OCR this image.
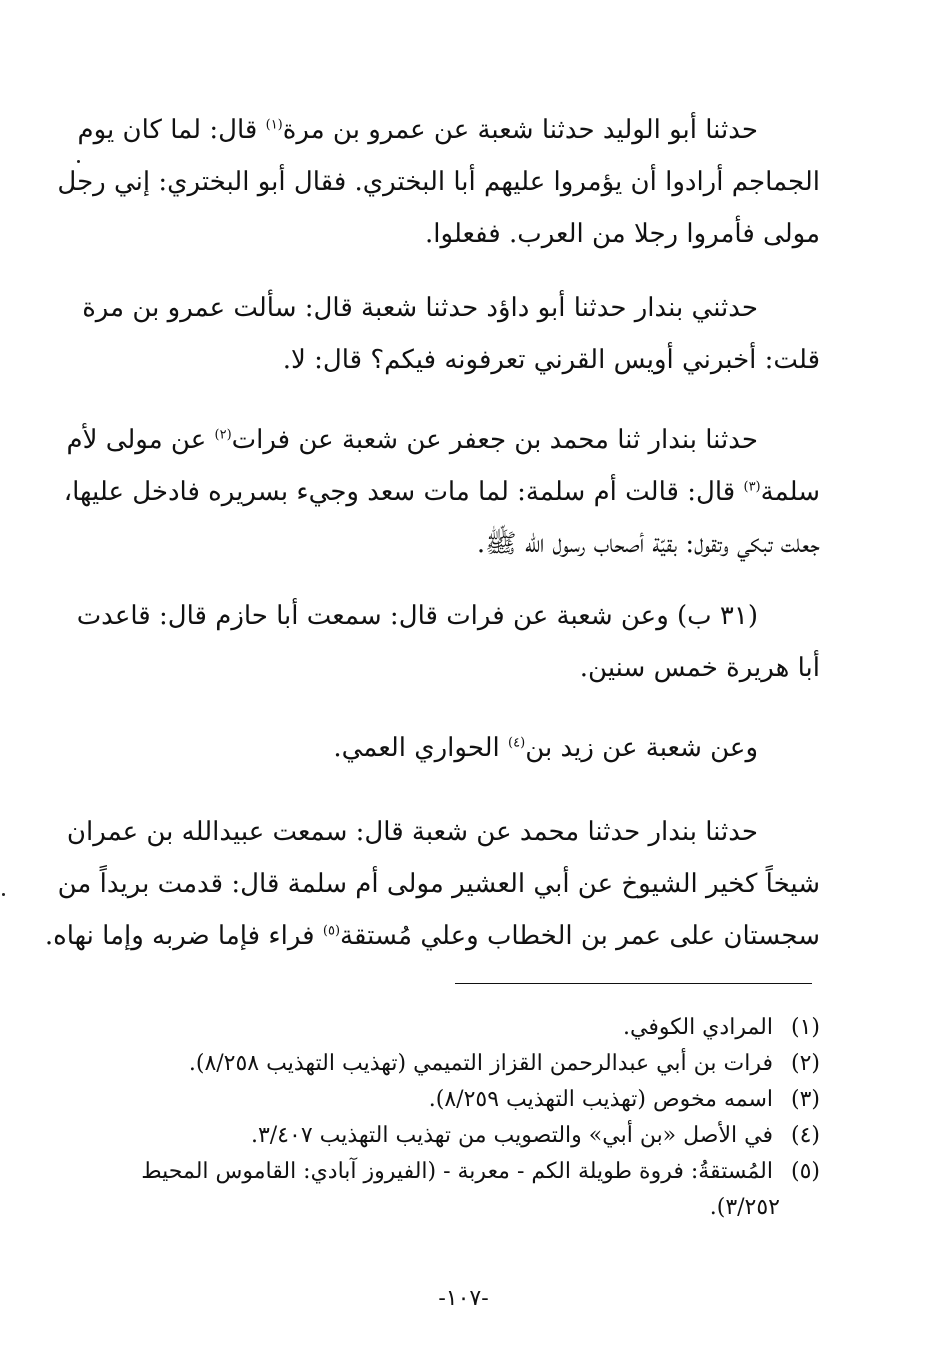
حدثنا أبو الوليد حدثنا شعبة عن عمرو بن مرة$^{(١)}$ قال: لما كان يوم
الجماجم أرادوا أن يؤمروا عليهم أبا البختري. فقال أبو البختري: إني رجل
مولى فأمروا رجلا من العرب. ففعلوا.

حدثني بندار حدثنا أبو داؤد حدثنا شعبة قال: سألت عمرو بن مرة
قلت: أخبرني أويس القرني تعرفونه فيكم؟ قال: لا.

حدثنا بندار ثنا محمد بن جعفر عن شعبة عن فرات$^{(٢)}$ عن مولى لأم
سلمة$^{(٣)}$ قال: قالت أم سلمة: لما مات سعد وجيء بسريره فادخل عليها،
جعلت تبكي وتقول: بقيّة أصحاب رسول الله ﷺ.

(٣١ ب) وعن شعبة عن فرات قال: سمعت أبا حازم قال: قاعدت
أبا هريرة خمس سنين.

وعن شعبة عن زيد بن$^{(٤)}$ الحواري العمي.

حدثنا بندار حدثنا محمد عن شعبة قال: سمعت عبيدالله بن عمران
شيخاً كخير الشيوخ عن أبي العشير مولى أم سلمة قال: قدمت بريداً من
سجستان على عمر بن الخطاب وعلي مُستقة$^{(٥)}$ فراء فإما ضربه وإما نهاه.

(١) المرادي الكوفي.
(٢) فرات بن أبي عبدالرحمن القزاز التميمي (تهذيب التهذيب ٨/٢٥٨).
(٣) اسمه مخوص (تهذيب التهذيب ٨/٢٥٩).
(٤) في الأصل «بن أبي» والتصويب من تهذيب التهذيب ٣/٤٠٧.
(٥) المُستقةُ: فروة طويلة الكم - معربة - (الفيروز آبادي: القاموس المحيط
٣/٢٥٢).
-١٠٧-
